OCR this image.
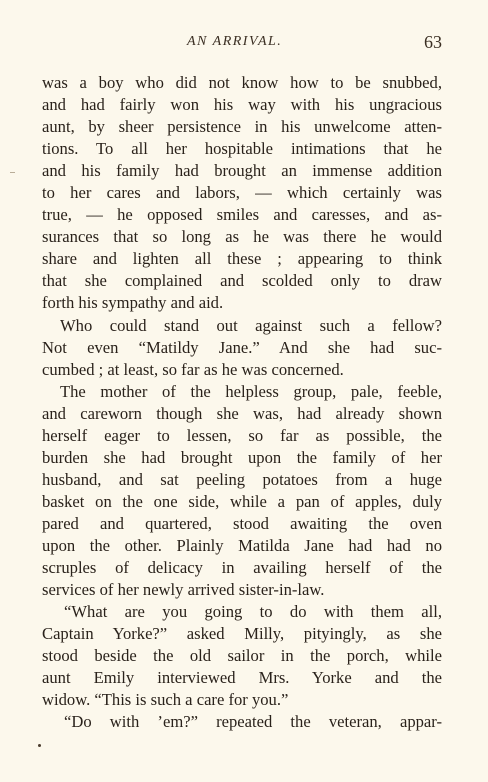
AN ARRIVAL.	63
was a boy who did not know how to be snubbed,
and had fairly won his way with his ungracious
aunt, by sheer persistence in his unwelcome atten-
tions. To all her hospitable intimations that he
and his family had brought an immense addition
to her cares and labors, — which certainly was
true, — he opposed smiles and caresses, and as-
surances that so long as he was there he would
share and lighten all these ; appearing to think
that she complained and scolded only to draw
forth his sympathy and aid.
Who could stand out against such a fellow?
Not even “Matildy Jane.” And she had suc-
cumbed ; at least, so far as he was concerned.
The mother of the helpless group, pale, feeble,
and careworn though she was, had already shown
herself eager to lessen, so far as possible, the
burden she had brought upon the family of her
husband, and sat peeling potatoes from a huge
basket on the one side, while a pan of apples, duly
pared and quartered, stood awaiting the oven
upon the other. Plainly Matilda Jane had had no
scruples of delicacy in availing herself of the
services of her newly arrived sister-in-law.
“What are you going to do with them all,
Captain Yorke?” asked Milly, pityingly, as she
stood beside the old sailor in the porch, while
aunt Emily interviewed Mrs. Yorke and the
widow. “This is such a care for you.”
“Do with ’em?” repeated the veteran, appar-
